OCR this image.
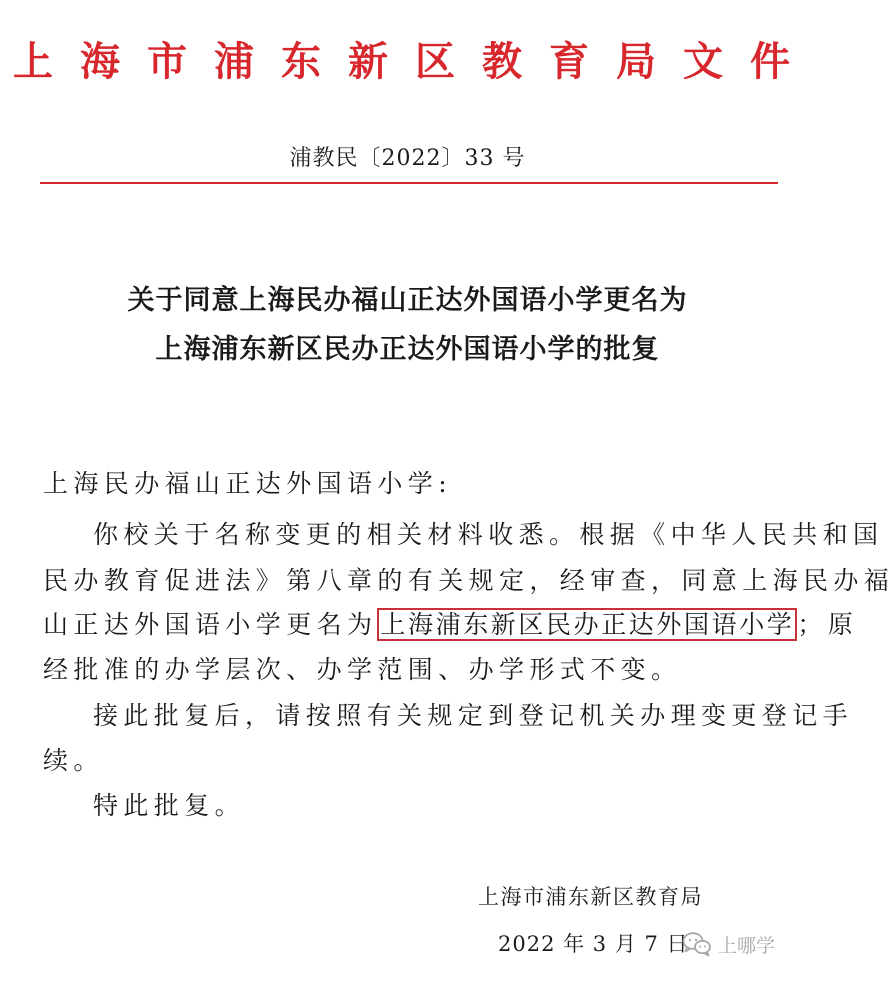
上海市浦东新区教育局文件
浦教民〔2022〕33 号
关于同意上海民办福山正达外国语小学更名为
上海浦东新区民办正达外国语小学的批复
上海民办福山正达外国语小学:
你校关于名称变更的相关材料收悉。根据《中华人民共和国
民办教育促进法》第八章的有关规定，经审查，同意上海民办福
山正达外国语小学更名为 上海浦东新区民办正达外国语小学 ；原
经批准的办学层次、办学范围、办学形式不变。
接此批复后，请按照有关规定到登记机关办理变更登记手
续。
特此批复。
上海市浦东新区教育局
2022 年 3 月 7 日 上哪学
